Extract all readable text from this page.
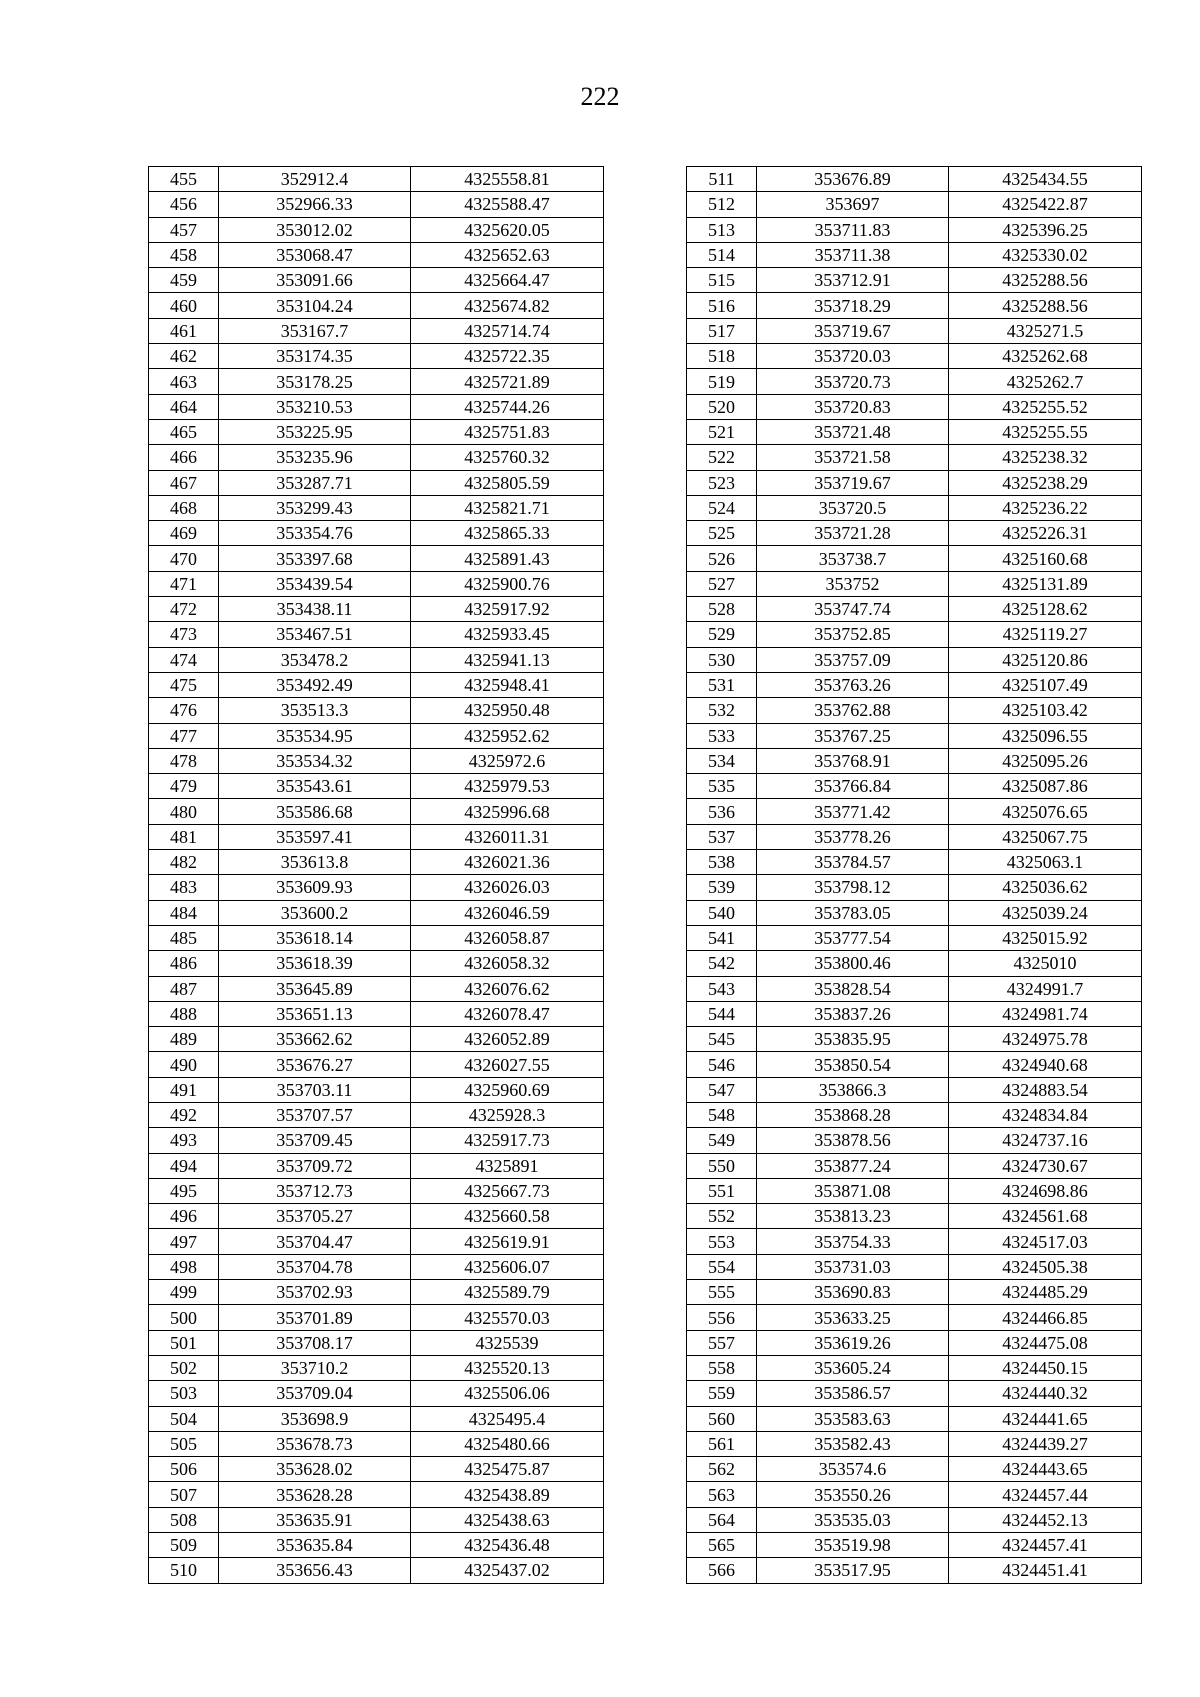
222
455	352912.4	4325558.81
456	352966.33	4325588.47
457	353012.02	4325620.05
458	353068.47	4325652.63
459	353091.66	4325664.47
460	353104.24	4325674.82
461	353167.7	4325714.74
462	353174.35	4325722.35
463	353178.25	4325721.89
464	353210.53	4325744.26
465	353225.95	4325751.83
466	353235.96	4325760.32
467	353287.71	4325805.59
468	353299.43	4325821.71
469	353354.76	4325865.33
470	353397.68	4325891.43
471	353439.54	4325900.76
472	353438.11	4325917.92
473	353467.51	4325933.45
474	353478.2	4325941.13
475	353492.49	4325948.41
476	353513.3	4325950.48
477	353534.95	4325952.62
478	353534.32	4325972.6
479	353543.61	4325979.53
480	353586.68	4325996.68
481	353597.41	4326011.31
482	353613.8	4326021.36
483	353609.93	4326026.03
484	353600.2	4326046.59
485	353618.14	4326058.87
486	353618.39	4326058.32
487	353645.89	4326076.62
488	353651.13	4326078.47
489	353662.62	4326052.89
490	353676.27	4326027.55
491	353703.11	4325960.69
492	353707.57	4325928.3
493	353709.45	4325917.73
494	353709.72	4325891
495	353712.73	4325667.73
496	353705.27	4325660.58
497	353704.47	4325619.91
498	353704.78	4325606.07
499	353702.93	4325589.79
500	353701.89	4325570.03
501	353708.17	4325539
502	353710.2	4325520.13
503	353709.04	4325506.06
504	353698.9	4325495.4
505	353678.73	4325480.66
506	353628.02	4325475.87
507	353628.28	4325438.89
508	353635.91	4325438.63
509	353635.84	4325436.48
510	353656.43	4325437.02
511	353676.89	4325434.55
512	353697	4325422.87
513	353711.83	4325396.25
514	353711.38	4325330.02
515	353712.91	4325288.56
516	353718.29	4325288.56
517	353719.67	4325271.5
518	353720.03	4325262.68
519	353720.73	4325262.7
520	353720.83	4325255.52
521	353721.48	4325255.55
522	353721.58	4325238.32
523	353719.67	4325238.29
524	353720.5	4325236.22
525	353721.28	4325226.31
526	353738.7	4325160.68
527	353752	4325131.89
528	353747.74	4325128.62
529	353752.85	4325119.27
530	353757.09	4325120.86
531	353763.26	4325107.49
532	353762.88	4325103.42
533	353767.25	4325096.55
534	353768.91	4325095.26
535	353766.84	4325087.86
536	353771.42	4325076.65
537	353778.26	4325067.75
538	353784.57	4325063.1
539	353798.12	4325036.62
540	353783.05	4325039.24
541	353777.54	4325015.92
542	353800.46	4325010
543	353828.54	4324991.7
544	353837.26	4324981.74
545	353835.95	4324975.78
546	353850.54	4324940.68
547	353866.3	4324883.54
548	353868.28	4324834.84
549	353878.56	4324737.16
550	353877.24	4324730.67
551	353871.08	4324698.86
552	353813.23	4324561.68
553	353754.33	4324517.03
554	353731.03	4324505.38
555	353690.83	4324485.29
556	353633.25	4324466.85
557	353619.26	4324475.08
558	353605.24	4324450.15
559	353586.57	4324440.32
560	353583.63	4324441.65
561	353582.43	4324439.27
562	353574.6	4324443.65
563	353550.26	4324457.44
564	353535.03	4324452.13
565	353519.98	4324457.41
566	353517.95	4324451.41
